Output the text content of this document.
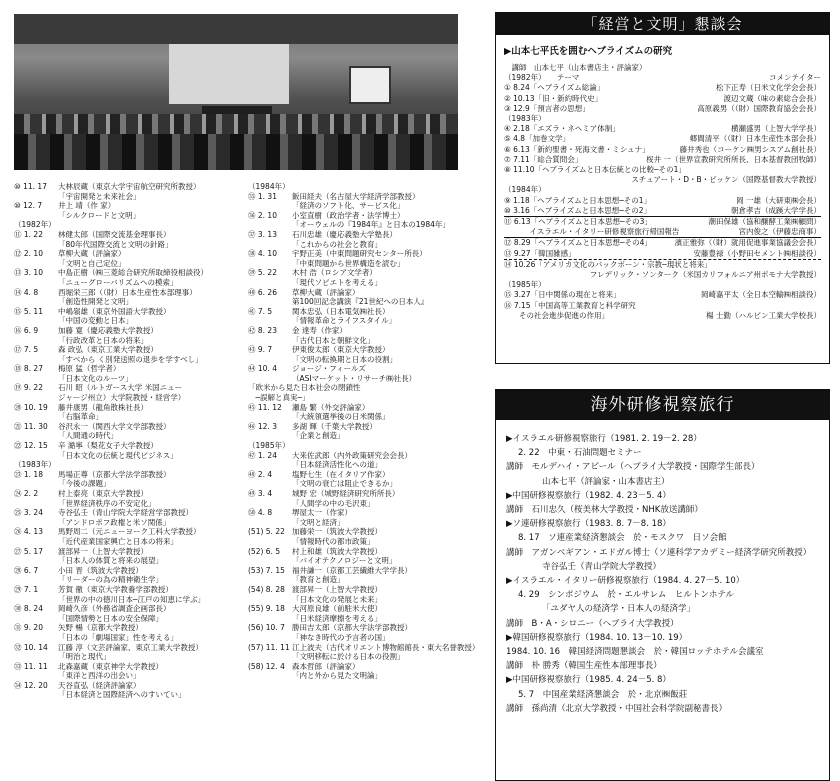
⑩ 11. 17 大林辰蔵（東京大学宇宙航空研究所教授）
「宇宙開発と未来社会」
⑩ 12. 7 井上 靖（作 家）
「シルクロードと文明」
（1982年）
⑪ 1. 22 林健太郎（国際交流基金理事長）
「80年代国際交流と文明の針路」
⑫ 2. 10 草柳大蔵（評論家）
「文明と自己定位」
⑬ 3. 10 中島正樹（㈱三菱総合研究所取締役相談役）
「ニューグローバリズムへの模索」
⑭ 4. 8	西堀栄三郎（（財）日本生産性本部理事）
「創造性開発と文明」
⑮ 5. 11 中嶋嶺雄（東京外国語大学教授）
「中国の変動と日本」
⑯ 6. 9	加藤 寛（慶応義塾大学教授）
「行政改革と日本の将来」
⑰ 7. 5	森 政弘（東京工業大学教授）
「すべから く別発送照の退歩を学すべし」
⑱ 8. 27 梅原 猛（哲学者）
「日本文化のルーツ」
⑲ 9. 22 石川 昭（ルトガース大学 米国ニュー
ジャージ州立）大学院教授・経営学）
⑳ 10. 19 藤井康男（龍角散株社長）
「右脳革命」
㉑ 11. 30 谷沢永一（関西大学文学部教授）
「人間通の時代」
㉒ 12. 15 辛 澔寧（梨花女子大学教授）
「日本文化の伝統と現代ビジネス」
（1983年）
㉓ 1. 18 馬場正尊（京都大学法学部教授）
「今後の課題」
㉔ 2. 2	村上泰亮（東京大学教授）
「世界経済秩序の不安定化」
㉕ 3. 24 寺谷弘壬（青山学院大学経営学部教授）
「アンドロポフ政権と米ソ関係」
㉖ 4. 13 馬野周二（元ニューヨーク工科大学教授）
「近代産業国家興亡と日本の将来」
㉗ 5. 17 渡部昇一（上智大学教授）
「日本人の体質と将来の展望」
㉘ 6. 7	小田 晋（筑波大学教授）
「リーダーの為の精神衛生学」
㉙ 7. 1	芳賀 徹（東京大学教養学部教授）
「世界の中の徳川日本─江戸の知恵に学ぶ」
㉚ 8. 24 岡崎久彦（外務省調査企画部長）
「国際情勢と日本の安全保障」
㉛ 9. 20 矢野 暢（京都大学教授）
「日本の「劇場国家」性を考える」
㉜ 10. 14 江藤 淳（文芸評論家、東京工業大学教授）
「明治と現代」
㉝ 11. 11 北森嘉蔵（東京神学大学教授）
「東洋と西洋の出会い」
㉞ 12. 20 天谷直弘（経済評論家）
「日本経済と国際経済へのすいてい」
（1984年）
㉟ 1. 31 飯田経夫（名古屋大学経済学部教授）
「経済のソフト化、サービス化」
㊱ 2. 10 小室直樹（政治学者・法学博士）
「オーウェルの『1984年』と日本の1984年」
㊲ 3. 13 石川忠雄（慶応義塾大学塾長）
「これからの社会と教育」
㊳ 4. 10 宇野正美（中東問題研究センター所長）
「中東問題から世界構造を読む」
㊴ 5. 22 木村 浩（ロシア文学者）
「現代ソビエトを考える」
㊵ 6. 26 草柳大蔵（評論家）
第100回記念講演『21世紀への日本人』
㊶ 7. 5	関本忠弘（日本電気㈱社長）
「情報革命とライフスタイル」
㊷ 8. 23 金 達寿（作家）
「古代日本と朝鮮文化」
㊸ 9. 7	伊東俊太郎（東京大学教授）
「文明の転換期と日本の役割」
㊹ 10. 4 ジョージ・フィールズ
（ASIマーケット・リサーチ㈱社長）
「欧米から見た日本社会の閉鎖性
　─誤解と真実─」
㊺ 11. 12 瀬島 繁（外交評論家）
「大統領選挙後の日米関係」
㊻ 12. 3 多湖 輝（千葉大学教授）
「企業と創造」
（1985年）
㊼ 1. 24 大来佐武郎（内外政策研究会会長）
「日本経済活性化への道」
㊽ 2. 4	塩野七生（在イタリア作家）
「文明の衰亡は阻止できるか」
㊾ 3. 4	城野 宏（城野経済研究所所長）
「人間学の中の毛沢東」
㊿ 4. 8	堺屋太一（作家）
「文明と経済」
(51) 5. 22 加藤栄一（筑波大学教授）
「情報時代の都市政策」
(52) 6. 5 村上和雄（筑波大学教授）
「バイオテクノロジーと文明」
(53) 7. 15 福井謙一（京都工芸繊維大学学長）
「教育と創造」
(54) 8. 28 渡部昇一（上智大学教授）
「日本文化の発展と未来」
(55) 9. 18 大河原良雄（前駐米大使）
「日米経済摩擦を考える」
(56) 10. 7 勝田吉太郎（京都大学法学部教授）
「神なき時代の予言者の国」
(57) 11. 11 江上波夫（古代オリエント博物館館長・東大名誉教授）
「文明移転に於ける日本の役割」
(58) 12. 4 森本哲郎（評論家）
「内と外から見た文明論」
「経営と文明」懇談会
▶山本七平氏を囲むヘブライズムの研究
　講師　山本七平（山本書店主・評論家）
（1982年）　　テーマ	コメンテイター
① 8.24「ヘブライズム総論」	松下正寿（日米文化学会会長）
② 10.13「旧・新約時代史」	渡辺文蔵（味の素総合会長）
③ 12.9「預言者の思想」	高原義男（（財）国際教育協会会長）
（1983年）
④ 2.18「エズラ・ネヘミア体制」	横瀬盛男（上智大学学長）
⑤ 4.8「加巻文学」	郷間清平（（財）日本生産性本部会長）
⑥ 6.13「新約聖書・死海文書・ミシュナ」	藤井秀也（コーケン㈱男シスアム創社長）
⑦ 7.11「総合質問会」	桜井 一（世界宣教研究所所長、日本基督教団牧師）
⑧ 11.10「ヘブライズムと日本伝統との比較─その1」
スチュアート・D・B・ピッケン（国際基督教大学教授）
（1984年）
⑨ 1.18「ヘブライズムと日本思想─その1」	岡 一雄（大研東㈱会長）
⑩ 3.16「ヘブライズムと日本思想─その2」	朝倉孝吉（成蹊大学学長）
⑪ 6.13「ヘブライズムと日本思想─その3」	潮田保雄（協和醸酵工業㈱顧問）
　イスラエル・イタリー研修視察旅行帰国報告	宮内俊之（伊藤忠商事）
⑫ 8.29「ヘブライズムと日本思想─その4」	濱正雅弥（（財）就用促進事業協議会会長）
⑬ 9.27「韓国雑感」	安藤豊禄（小野田セメント㈱相談役）
⑭ 10.26「アメリカ文化のバックボーン・宗教─現状と将来」
フレデリック・ソンターク（米国カリフォルニア州ポモナ大学教授）
（1985年）
⑮ 3.27「日中関係の現在と将来」	岡崎嘉平太（全日本空輸㈱相談役）
⑯ 7.15「中国高等工業教育と科学研究
　　その社会進歩促進の作用」	楊 士勤（ハルビン工業大学校長）
海外研修視察旅行
▶イスラエル研修視察旅行（1981. 2. 19－2. 28）
2. 22　中東・石油問題セミナー
講師　モルデハイ・アビール（ヘブライ大学教授・国際学生部長）
山本七平（評論家・山本書店主）
▶中国研修視察旅行（1982. 4. 23－5. 4）
講師　石川忠久（桜美林大学教授・NHK放送講師）
▶ソ連研修視察旅行（1983. 8. 7－8. 18）
8. 17　ソ連産業経済懇談会　於・モスクワ　日ソ会館
講師　アガンベギアン・エドガル博士（ソ連科学アカデミー経済学研究所教授）
寺谷弘壬（青山学院大学教授）
▶イスラエル・イタリー研修視察旅行（1984. 4. 27－5. 10）
4. 29　シンポジウム　於・エルサレム　ヒルトンホテル
「ユダヤ人の経済学・日本人の経済学」
講師　B・A・シロニー（ヘブライ大学教授）
▶韓国研修視察旅行（1984. 10. 13－10. 19）
1984. 10. 16　韓国経済問題懇談会　於・韓国ロッテホテル会議室
講師　朴 勝秀（韓国生産性本部理事長）
▶中国研修視察旅行（1985. 4. 24－5. 8）
5. 7　中国産業経済懇談会　於・北京㈱飯莊
講師　孫尚清（北京大学教授・中国社会科学院副秘書長）
